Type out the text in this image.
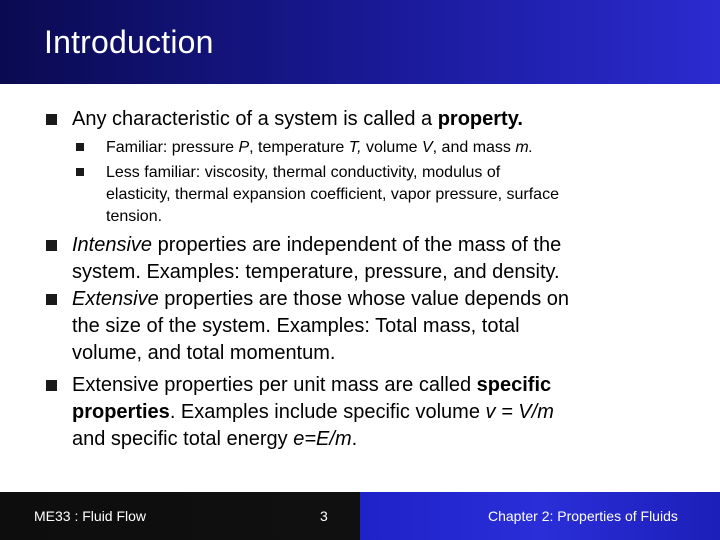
Introduction
Any characteristic of a system is called a property.
Familiar: pressure P, temperature T, volume V, and mass m.
Less familiar: viscosity, thermal conductivity, modulus of
elasticity, thermal expansion coefficient, vapor pressure, surface
tension.
Intensive properties are independent of the mass of the
system. Examples: temperature, pressure, and density.
Extensive properties are those whose value depends on
the size of the system. Examples: Total mass, total
volume, and total momentum.
Extensive properties per unit mass are called specific
properties. Examples include specific volume v = V/m
and specific total energy e=E/m.
ME33 : Fluid Flow	3	Chapter 2: Properties of Fluids
